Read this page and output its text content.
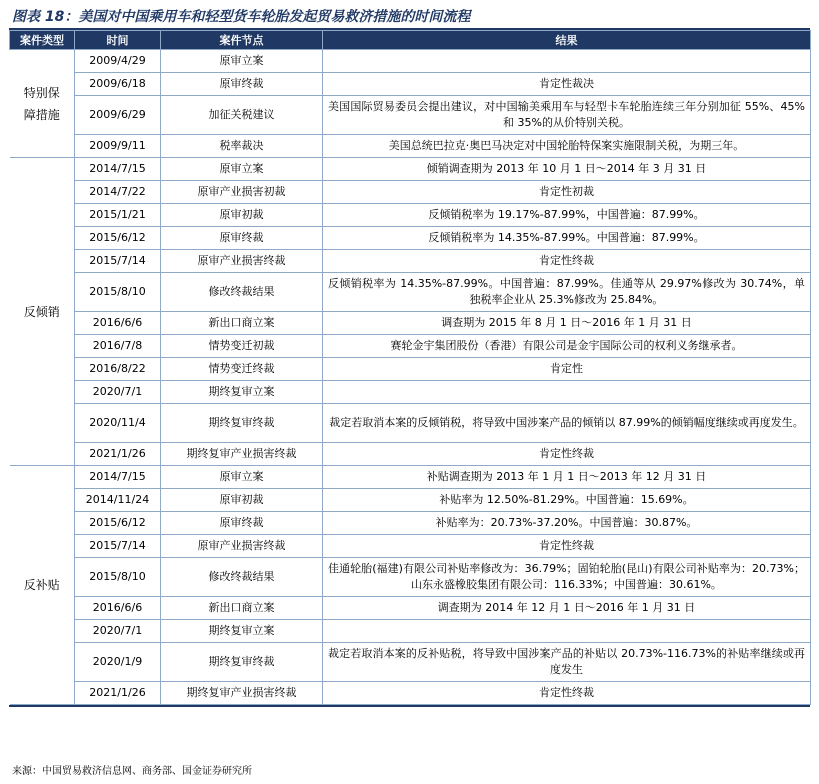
图表 18：美国对中国乘用车和轻型货车轮胎发起贸易救济措施的时间流程
案件类型	时间	案件节点	结果
特别保障措施	2009/4/29	原审立案	
	2009/6/18	原审终裁	肯定性裁决
	2009/6/29	加征关税建议	美国国际贸易委员会提出建议，对中国输美乘用车与轻型卡车轮胎连续三年分别加征 55%、45%和 35%的从价特别关税。
	2009/9/11	税率裁决	美国总统巴拉克·奥巴马决定对中国轮胎特保案实施限制关税，为期三年。
反倾销	2014/7/15	原审立案	倾销调查期为 2013 年 10 月 1 日～2014 年 3 月 31 日
	2014/7/22	原审产业损害初裁	肯定性初裁
	2015/1/21	原审初裁	反倾销税率为 19.17%-87.99%，中国普遍：87.99%。
	2015/6/12	原审终裁	反倾销税率为 14.35%-87.99%。中国普遍：87.99%。
	2015/7/14	原审产业损害终裁	肯定性终裁
	2015/8/10	修改终裁结果	反倾销税率为 14.35%-87.99%。中国普遍：87.99%。佳通等从 29.97%修改为 30.74%，单独税率企业从 25.3%修改为 25.84%。
	2016/6/6	新出口商立案	调查期为 2015 年 8 月 1 日～2016 年 1 月 31 日
	2016/7/8	情势变迁初裁	赛轮金宇集团股份（香港）有限公司是金宇国际公司的权利义务继承者。
	2016/8/22	情势变迁终裁	肯定性
	2020/7/1	期终复审立案	
	2020/11/4	期终复审终裁	裁定若取消本案的反倾销税，将导致中国涉案产品的倾销以 87.99%的倾销幅度继续或再度发生。
	2021/1/26	期终复审产业损害终裁	肯定性终裁
反补贴	2014/7/15	原审立案	补贴调查期为 2013 年 1 月 1 日～2013 年 12 月 31 日
	2014/11/24	原审初裁	补贴率为 12.50%-81.29%。中国普遍：15.69%。
	2015/6/12	原审终裁	补贴率为：20.73%-37.20%。中国普遍：30.87%。
	2015/7/14	原审产业损害终裁	肯定性终裁
	2015/8/10	修改终裁结果	佳通轮胎(福建)有限公司补贴率修改为：36.79%；固铂轮胎(昆山)有限公司补贴率为：20.73%；山东永盛橡胶集团有限公司：116.33%；中国普遍：30.61%。
	2016/6/6	新出口商立案	调查期为 2014 年 12 月 1 日～2016 年 1 月 31 日
	2020/7/1	期终复审立案	
	2020/1/9	期终复审终裁	裁定若取消本案的反补贴税，将导致中国涉案产品的补贴以 20.73%-116.73%的补贴率继续或再度发生
	2021/1/26	期终复审产业损害终裁	肯定性终裁
来源：中国贸易救济信息网、商务部、国金证券研究所
